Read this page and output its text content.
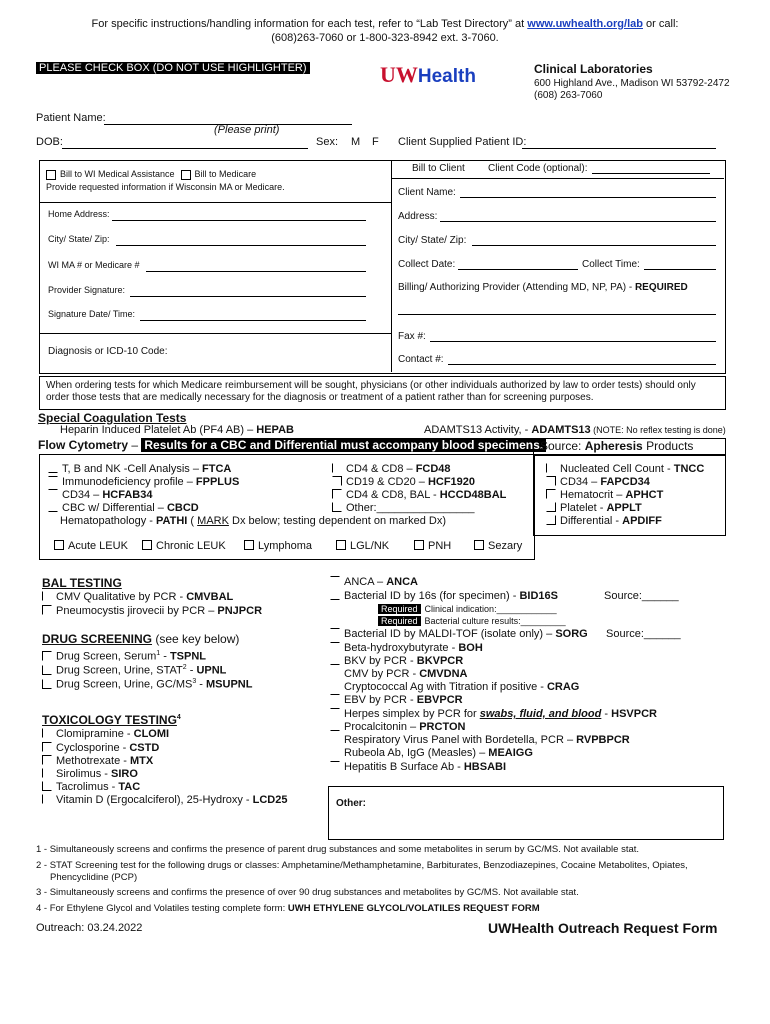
For specific instructions/handling information for each test, refer to “Lab Test Directory” at www.uwhealth.org/lab or call:
(608)263-7060 or 1-800-323-8942 ext. 3-7060.
PLEASE CHECK BOX (DO NOT USE HIGHLIGHTER)	UWHealth	Clinical Laboratories
600 Highland Ave., Madison WI 53792-2472
(608) 263-7060
Patient Name:
(Please print)
DOB:	Sex: M F Client Supplied Patient ID:
Bill to WI Medical Assistance Bill to Medicare
Provide requested information if Wisconsin MA or Medicare.
Home Address:
City/ State/ Zip:
WI MA # or Medicare #
Provider Signature:
Signature Date/ Time:
Diagnosis or ICD-10 Code:
Bill to Client Client Code (optional):
Client Name:
Address:
City/ State/ Zip:
Collect Date:	Collect Time:
Billing/ Authorizing Provider (Attending MD, NP, PA) - REQUIRED
Fax #:
Contact #:
When ordering tests for which Medicare reimbursement will be sought, physicians (or other individuals authorized by law to order tests) should only order those tests that are medically necessary for the diagnosis or treatment of a patient rather than for screening purposes.
Special Coagulation Tests
Heparin Induced Platelet Ab (PF4 AB) – HEPAB	ADAMTS13 Activity, - ADAMTS13 (NOTE: No reflex testing is done)
Flow Cytometry – Results for a CBC and Differential must accompany blood specimens.
Source: Apheresis Products
T, B and NK -Cell Analysis – FTCA
Immunodeficiency profile – FPPLUS
CD34 – HCFAB34
CBC w/ Differential – CBCD
Hematopathology - PATHI ( MARK Dx below; testing dependent on marked Dx)
CD4 & CD8 – FCD48
CD19 & CD20 – HCF1920
CD4 & CD8, BAL - HCCD48BAL
Other:________________
Nucleated Cell Count - TNCC
CD34 – FAPCD34
Hematocrit – APHCT
Platelet - APPLT
Differential - APDIFF
Acute LEUK	Chronic LEUK	Lymphoma	LGL/NK	PNH	Sezary
BAL TESTING
CMV Qualitative by PCR - CMVBAL
Pneumocystis jirovecii by PCR – PNJPCR
DRUG SCREENING (see key below)
Drug Screen, Serum$^1$ - TSPNL
Drug Screen, Urine, STAT$^2$ - UPNL
Drug Screen, Urine, $GC/MS^3$ - MSUPNL
TOXICOLOGY TESTING$^4$
Clomipramine - CLOMI
Cyclosporine - CSTD
Methotrexate - MTX
Sirolimus - SIRO
Tacrolimus - TAC
Vitamin D (Ergocalciferol), 25-Hydroxy - LCD25
ANCA – ANCA
Bacterial ID by 16s (for specimen) - BID16S	Source:______
Required Clinical indication:____________
Required Bacterial culture results:_________
Bacterial ID by MALDI-TOF (isolate only) – SORG Source:______
Beta-hydroxybutyrate - BOH
BKV by PCR - BKVPCR
CMV by PCR - CMVDNA
Cryptococcal Ag with Titration if positive - CRAG
EBV by PCR - EBVPCR
Herpes simplex by PCR for swabs, fluid, and blood - HSVPCR
Procalcitonin – PRCTON
Respiratory Virus Panel with Bordetella, PCR – RVPBPCR
Rubeola Ab, IgG (Measles) – MEAIGG
Hepatitis B Surface Ab - HBSABI
Other:
1 - Simultaneously screens and confirms the presence of parent drug substances and some metabolites in serum by GC/MS. Not available stat.
2 - STAT Screening test for the following drugs or classes: Amphetamine/Methamphetamine, Barbiturates, Benzodiazepines, Cocaine Metabolites, Opiates,
Phencyclidine (PCP)
3 - Simultaneously screens and confirms the presence of over 90 drug substances and metabolites by GC/MS. Not available stat.
4 - For Ethylene Glycol and Volatiles testing complete form: UWH ETHYLENE GLYCOL/VOLATILES REQUEST FORM
Outreach: 03.24.2022	UWHealth Outreach Request Form
